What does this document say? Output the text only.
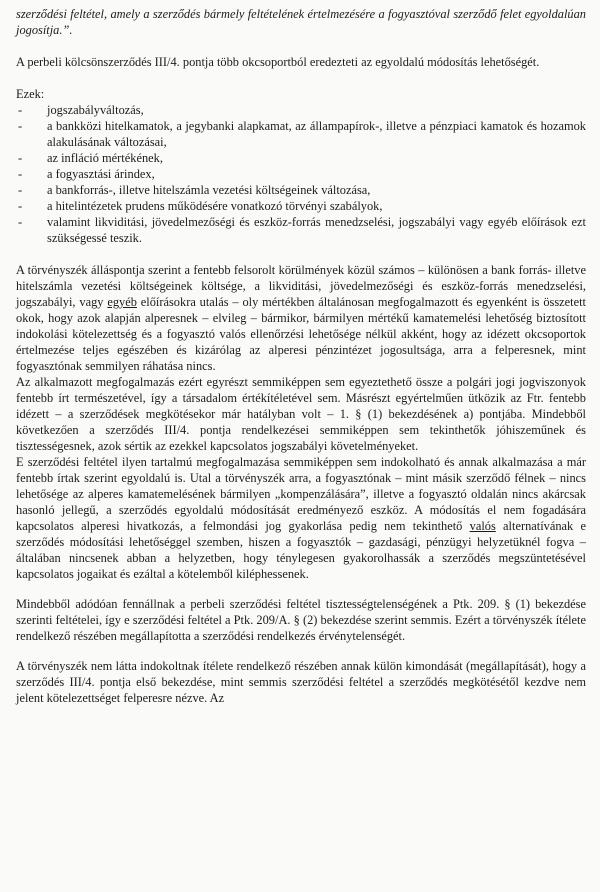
szerződési feltétel, amely a szerződés bármely feltételének értelmezésére a fogyasztóval szerződő felet egyoldalúan jogosítja.”.

A perbeli kölcsönszerződés III/4. pontja több okcsoportból eredezteti az egyoldalú módosítás lehetőségét.

Ezek:

- jogszabályváltozás,
- a bankközi hitelkamatok, a jegybanki alapkamat, az állampapírok-, illetve a pénzpiaci kamatok és hozamok alakulásának változásai,
- az infláció mértékének,
- a fogyasztási árindex,
- a bankforrás-, illetve hitelszámla vezetési költségeinek változása,
- a hitelintézetek prudens működésére vonatkozó törvényi szabályok,
- valamint likviditási, jövedelmezőségi és eszköz-forrás menedzselési, jogszabályi vagy egyéb előírások ezt szükségessé teszik.

A törvényszék álláspontja szerint a fentebb felsorolt körülmények közül számos – különösen a bank forrás- illetve hitelszámla vezetési költségeinek költsége, a likviditási, jövedelmezőségi és eszköz-forrás menedzselési, jogszabályi, vagy egyéb előírásokra utalás – oly mértékben általánosan megfogalmazott és egyenként is összetett okok, hogy azok alapján alperesnek – elvileg – bármikor, bármilyen mértékű kamatemelési lehetőség biztosított indokolási kötelezettség és a fogyasztó valós ellenőrzési lehetősége nélkül akként, hogy az idézett okcsoportok értelmezése teljes egészében és kizárólag az alperesi pénzintézet jogosultsága, arra a felperesnek, mint fogyasztónak semmilyen ráhatása nincs.

Az alkalmazott megfogalmazás ezért egyrészt semmiképpen sem egyeztethető össze a polgári jogi jogviszonyok fentebb írt természetével, így a társadalom értékítéletével sem. Másrészt egyértelműen ütközik az Ftr. fentebb idézett – a szerződések megkötésekor már hatályban volt – 1. § (1) bekezdésének a) pontjába. Mindebből következően a szerződés III/4. pontja rendelkezései semmiképpen sem tekinthetők jóhiszeműnek és tisztességesnek, azok sértik az ezekkel kapcsolatos jogszabályi követelményeket.

E szerződési feltétel ilyen tartalmú megfogalmazása semmiképpen sem indokolható és annak alkalmazása a már fentebb írtak szerint egyoldalú is. Utal a törvényszék arra, a fogyasztónak – mint másik szerződő félnek – nincs lehetősége az alperes kamatemelésének bármilyen „kompenzálására”, illetve a fogyasztó oldalán nincs akárcsak hasonló jellegű, a szerződés egyoldalú módosítását eredményező eszköz. A módosítás el nem fogadására kapcsolatos alperesi hivatkozás, a felmondási jog gyakorlása pedig nem tekinthető valós alternatívának e szerződés módosítási lehetőséggel szemben, hiszen a fogyasztók – gazdasági, pénzügyi helyzetüknél fogva – általában nincsenek abban a helyzetben, hogy ténylegesen gyakorolhassák a szerződés megszüntetésével kapcsolatos jogaikat és ezáltal a kötelemből kiléphessenek.

Mindebből adódóan fennállnak a perbeli szerződési feltétel tisztességtelenségének a Ptk. 209. § (1) bekezdése szerinti feltételei, így e szerződési feltétel a Ptk. 209/A. § (2) bekezdése szerint semmis. Ezért a törvényszék ítélete rendelkező részében megállapította a szerződési rendelkezés érvénytelenségét.

A törvényszék nem látta indokoltnak ítélete rendelkező részében annak külön kimondását (megállapítását), hogy a szerződés III/4. pontja első bekezdése, mint semmis szerződési feltétel a szerződés megkötésétől kezdve nem jelent kötelezettséget felperesre nézve. Az
